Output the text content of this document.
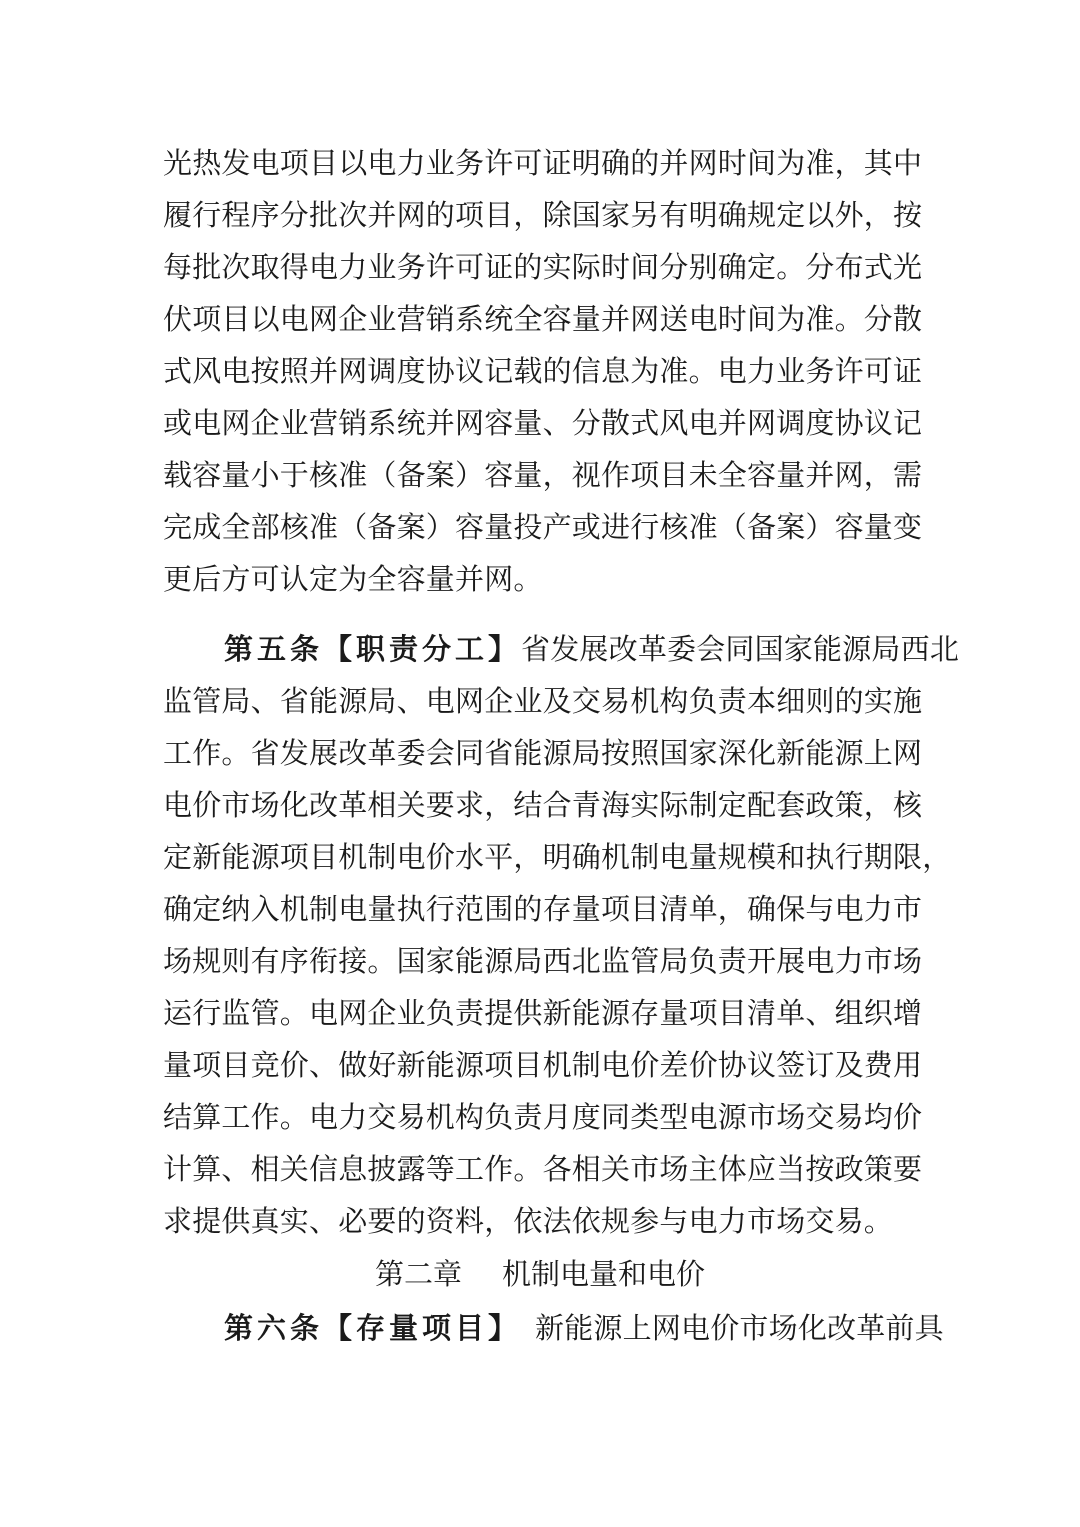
光热发电项目以电力业务许可证明确的并网时间为准，其中
履行程序分批次并网的项目，除国家另有明确规定以外，按
每批次取得电力业务许可证的实际时间分别确定。分布式光
伏项目以电网企业营销系统全容量并网送电时间为准。分散
式风电按照并网调度协议记载的信息为准。电力业务许可证
或电网企业营销系统并网容量、分散式风电并网调度协议记
载容量小于核准（备案）容量，视作项目未全容量并网，需
完成全部核准（备案）容量投产或进行核准（备案）容量变
更后方可认定为全容量并网。
第五条【职责分工】省发展改革委会同国家能源局西北
监管局、省能源局、电网企业及交易机构负责本细则的实施
工作。省发展改革委会同省能源局按照国家深化新能源上网
电价市场化改革相关要求，结合青海实际制定配套政策，核
定新能源项目机制电价水平，明确机制电量规模和执行期限，
确定纳入机制电量执行范围的存量项目清单，确保与电力市
场规则有序衔接。国家能源局西北监管局负责开展电力市场
运行监管。电网企业负责提供新能源存量项目清单、组织增
量项目竞价、做好新能源项目机制电价差价协议签订及费用
结算工作。电力交易机构负责月度同类型电源市场交易均价
计算、相关信息披露等工作。各相关市场主体应当按政策要
求提供真实、必要的资料，依法依规参与电力市场交易。
第二章 机制电量和电价
第六条【存量项目】 新能源上网电价市场化改革前具
